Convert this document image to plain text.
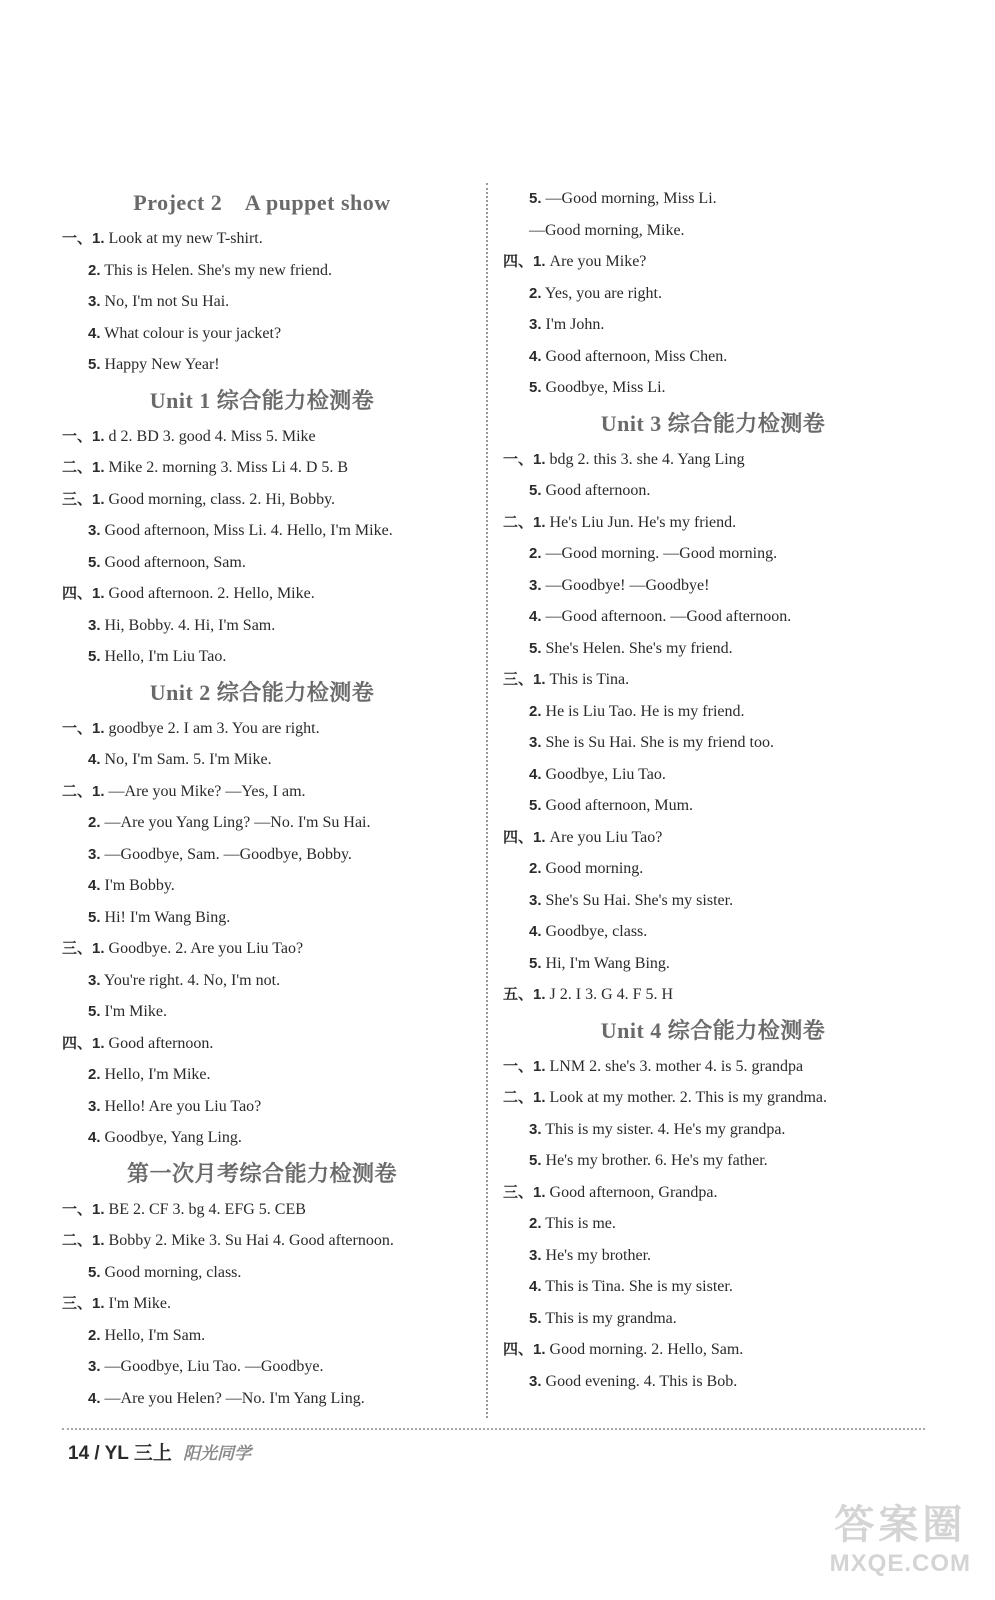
Project 2　A puppet show
一、1. Look at my new T-shirt.
2. This is Helen. She's my new friend.
3. No, I'm not Su Hai.
4. What colour is your jacket?
5. Happy New Year!
Unit 1 综合能力检测卷
一、1. d 2. BD 3. good 4. Miss 5. Mike
二、1. Mike 2. morning 3. Miss Li 4. D 5. B
三、1. Good morning, class. 2. Hi, Bobby.
3. Good afternoon, Miss Li. 4. Hello, I'm Mike.
5. Good afternoon, Sam.
四、1. Good afternoon. 2. Hello, Mike.
3. Hi, Bobby. 4. Hi, I'm Sam.
5. Hello, I'm Liu Tao.
Unit 2 综合能力检测卷
一、1. goodbye 2. I am 3. You are right.
4. No, I'm Sam. 5. I'm Mike.
二、1. —Are you Mike? —Yes, I am.
2. —Are you Yang Ling? —No. I'm Su Hai.
3. —Goodbye, Sam. —Goodbye, Bobby.
4. I'm Bobby.
5. Hi! I'm Wang Bing.
三、1. Goodbye. 2. Are you Liu Tao?
3. You're right. 4. No, I'm not.
5. I'm Mike.
四、1. Good afternoon.
2. Hello, I'm Mike.
3. Hello! Are you Liu Tao?
4. Goodbye, Yang Ling.
第一次月考综合能力检测卷
一、1. BE 2. CF 3. bg 4. EFG 5. CEB
二、1. Bobby 2. Mike 3. Su Hai 4. Good afternoon.
5. Good morning, class.
三、1. I'm Mike.
2. Hello, I'm Sam.
3. —Goodbye, Liu Tao. —Goodbye.
4. —Are you Helen? —No. I'm Yang Ling.
5. —Good morning, Miss Li.
—Good morning, Mike.
四、1. Are you Mike?
2. Yes, you are right.
3. I'm John.
4. Good afternoon, Miss Chen.
5. Goodbye, Miss Li.
Unit 3 综合能力检测卷
一、1. bdg 2. this 3. she 4. Yang Ling
5. Good afternoon.
二、1. He's Liu Jun. He's my friend.
2. —Good morning. —Good morning.
3. —Goodbye! —Goodbye!
4. —Good afternoon. —Good afternoon.
5. She's Helen. She's my friend.
三、1. This is Tina.
2. He is Liu Tao. He is my friend.
3. She is Su Hai. She is my friend too.
4. Goodbye, Liu Tao.
5. Good afternoon, Mum.
四、1. Are you Liu Tao?
2. Good morning.
3. She's Su Hai. She's my sister.
4. Goodbye, class.
5. Hi, I'm Wang Bing.
五、1. J 2. I 3. G 4. F 5. H
Unit 4 综合能力检测卷
一、1. LNM 2. she's 3. mother 4. is 5. grandpa
二、1. Look at my mother. 2. This is my grandma.
3. This is my sister. 4. He's my grandpa.
5. He's my brother. 6. He's my father.
三、1. Good afternoon, Grandpa.
2. This is me.
3. He's my brother.
4. This is Tina. She is my sister.
5. This is my grandma.
四、1. Good morning. 2. Hello, Sam.
3. Good evening. 4. This is Bob.
14 / YL 三上 阳光同学
答案圈
MXQE.COM
